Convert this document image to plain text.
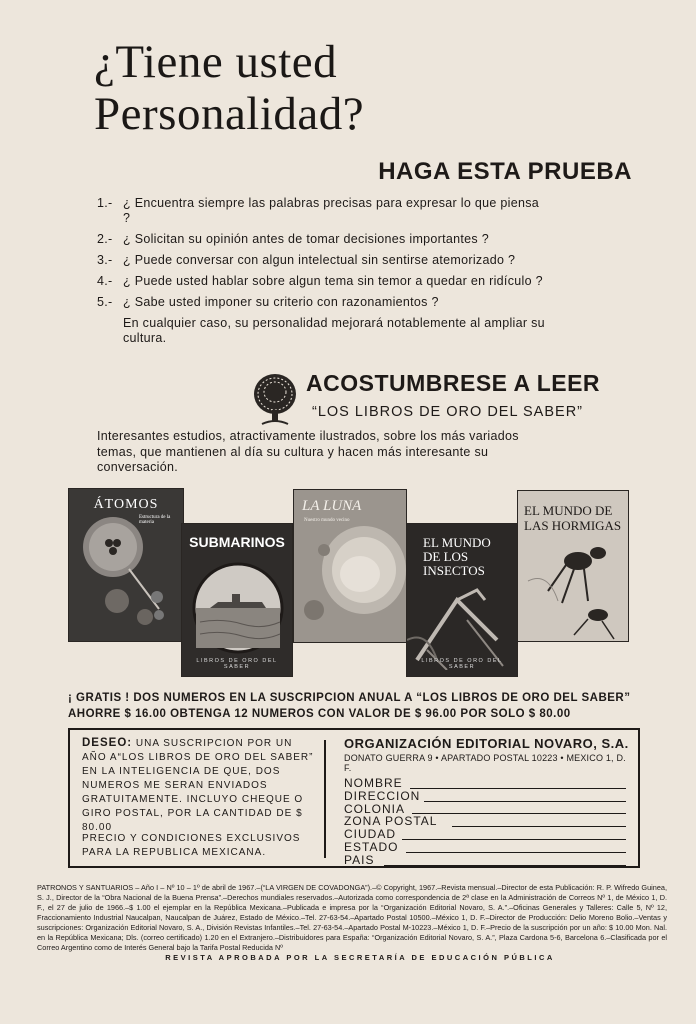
¿Tiene usted
Personalidad?
HAGA ESTA PRUEBA
1.- ¿ Encuentra siempre las palabras precisas para expresar lo que piensa ?
2.- ¿ Solicitan su opinión antes de tomar decisiones importantes ?
3.- ¿ Puede conversar con algun intelectual sin sentirse atemorizado ?
4.- ¿ Puede usted hablar sobre algun tema sin temor a quedar en ridículo ?
5.- ¿ Sabe usted imponer su criterio con razonamientos ?
En cualquier caso, su personalidad mejorará notablemente al ampliar su cultura.
ACOSTUMBRESE A LEER
“LOS LIBROS DE ORO DEL SABER”
Interesantes estudios, atractivamente ilustrados, sobre los más variados temas, que mantienen al día su cultura y hacen más interesante su conversación.
ÁTOMOS
Estructura de la materia
SUBMARINOS
LIBROS DE ORO DEL SABER
LA LUNA
Nuestro mundo vecino
EL MUNDO DE LOS INSECTOS
LIBROS DE ORO DEL SABER
EL MUNDO DE LAS HORMIGAS
¡ GRATIS ! DOS NUMEROS EN LA SUSCRIPCION ANUAL A “LOS LIBROS DE ORO DEL SABER”
AHORRE $ 16.00 OBTENGA 12 NUMEROS CON VALOR DE $ 96.00 POR SOLO $ 80.00
DESEO: UNA SUSCRIPCION POR UN AÑO A“LOS LIBROS DE ORO DEL SABER” EN LA INTELIGENCIA DE QUE, DOS NUMEROS ME SERAN ENVIADOS GRATUITAMENTE. INCLUYO CHEQUE O GIRO POSTAL, POR LA CANTIDAD DE $ 80.00
PRECIO Y CONDICIONES EXCLUSIVOS PARA LA REPUBLICA MEXICANA.
ORGANIZACIÓN EDITORIAL NOVARO, S.A.
DONATO GUERRA 9 • APARTADO POSTAL 10223 • MEXICO 1, D. F.
NOMBRE
DIRECCION
COLONIA
ZONA POSTAL
CIUDAD
ESTADO
PAIS
PATRONOS Y SANTUARIOS – Año I – Nº 10 – 1º de abril de 1967.–(“LA VIRGEN DE COVADONGA”).–© Copyright, 1967.–Revista mensual.–Director de esta Publicación: R. P. Wifredo Guinea, S. J., Director de la “Obra Nacional de la Buena Prensa”.–Derechos mundiales reservados.–Autorizada como correspondencia de 2ª clase en la Administración de Correos Nº 1, de México 1, D. F., el 27 de julio de 1966.–$ 1.00 el ejemplar en la República Mexicana.–Publicada e impresa por la “Organización Editorial Novaro, S. A.”.–Oficinas Generales y Talleres: Calle 5, Nº 12, Fraccionamiento Industrial Naucalpan, Naucalpan de Juárez, Estado de México.–Tel. 27-63-54.–Apartado Postal 10500.–México 1, D. F.–Director de Producción: Delio Moreno Bolio.–Ventas y suscripciones: Organización Editorial Novaro, S. A., División Revistas Infantiles.–Tel. 27-63-54.–Apartado Postal M-10223.–México 1, D. F.–Precio de la suscripción por un año: $ 10.00 Mon. Nal. en la República Mexicana; Dls. (correo certificado) 1.20 en el Extranjero.–Distribuidores para España: “Organización Editorial Novaro, S. A.”, Plaza Cardona 5-6, Barcelona 6.–Clasificada por el Correo Argentino como de Interés General bajo la Tarifa Postal Reducida Nº
REVISTA APROBADA POR LA SECRETARÍA DE EDUCACIÓN PÚBLICA
